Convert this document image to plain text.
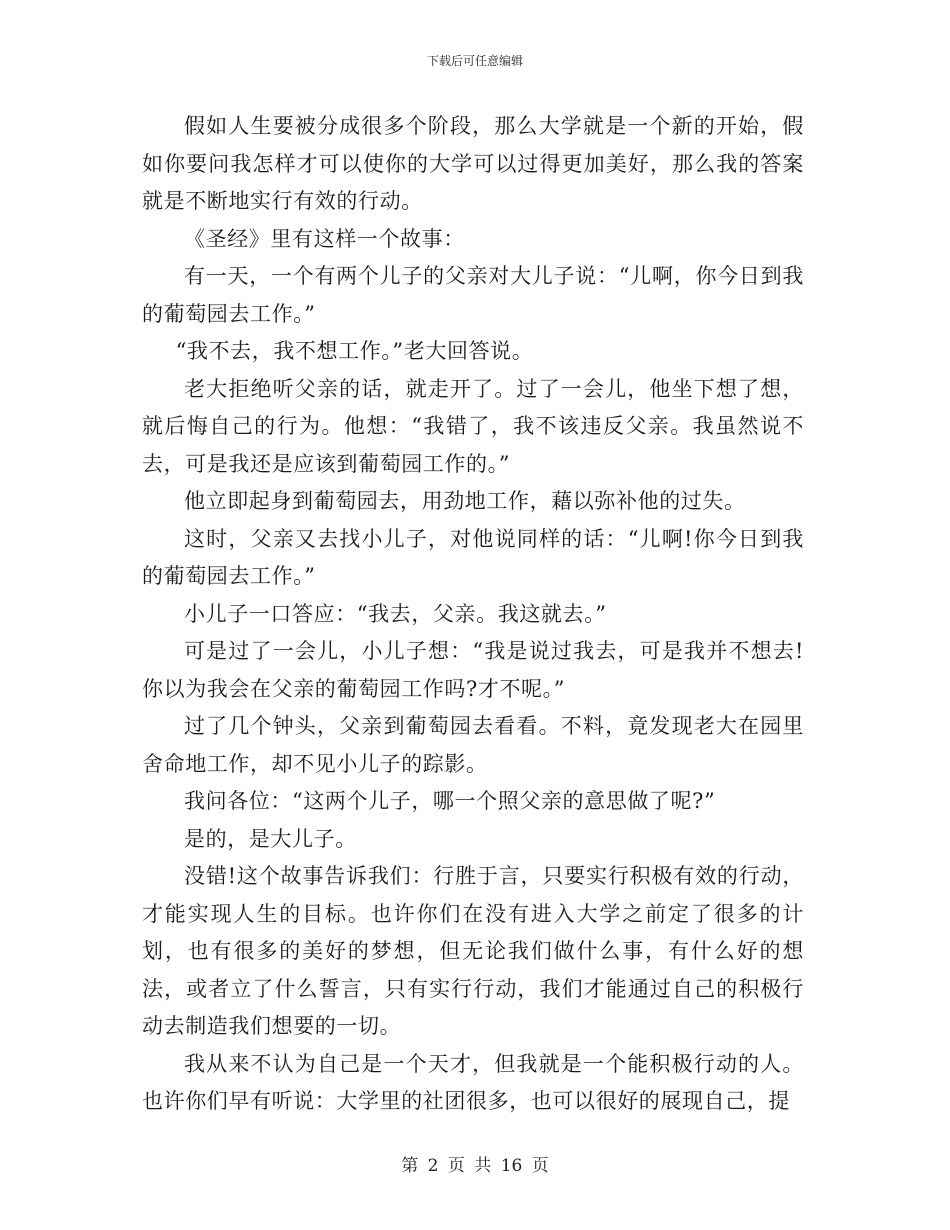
下载后可任意编辑

假如人生要被分成很多个阶段，那么大学就是一个新的开始，假如你要问我怎样才可以使你的大学可以过得更加美好，那么我的答案就是不断地实行有效的行动。

《圣经》里有这样一个故事：

有一天，一个有两个儿子的父亲对大儿子说：“儿啊，你今日到我的葡萄园去工作。”

“我不去，我不想工作。”老大回答说。

老大拒绝听父亲的话，就走开了。过了一会儿，他坐下想了想，就后悔自己的行为。他想：“我错了，我不该违反父亲。我虽然说不去，可是我还是应该到葡萄园工作的。”

他立即起身到葡萄园去，用劲地工作，藉以弥补他的过失。

这时，父亲又去找小儿子，对他说同样的话：“儿啊!你今日到我的葡萄园去工作。”

小儿子一口答应：“我去，父亲。我这就去。”

可是过了一会儿，小儿子想：“我是说过我去，可是我并不想去!你以为我会在父亲的葡萄园工作吗?才不呢。”

过了几个钟头，父亲到葡萄园去看看。不料，竟发现老大在园里舍命地工作，却不见小儿子的踪影。

我问各位：“这两个儿子，哪一个照父亲的意思做了呢?”

是的，是大儿子。

没错!这个故事告诉我们：行胜于言，只要实行积极有效的行动，才能实现人生的目标。也许你们在没有进入大学之前定了很多的计划，也有很多的美好的梦想，但无论我们做什么事，有什么好的想法，或者立了什么誓言，只有实行行动，我们才能通过自己的积极行动去制造我们想要的一切。

我从来不认为自己是一个天才，但我就是一个能积极行动的人。也许你们早有听说：大学里的社团很多，也可以很好的展现自己，提

第 2 页 共 16 页
